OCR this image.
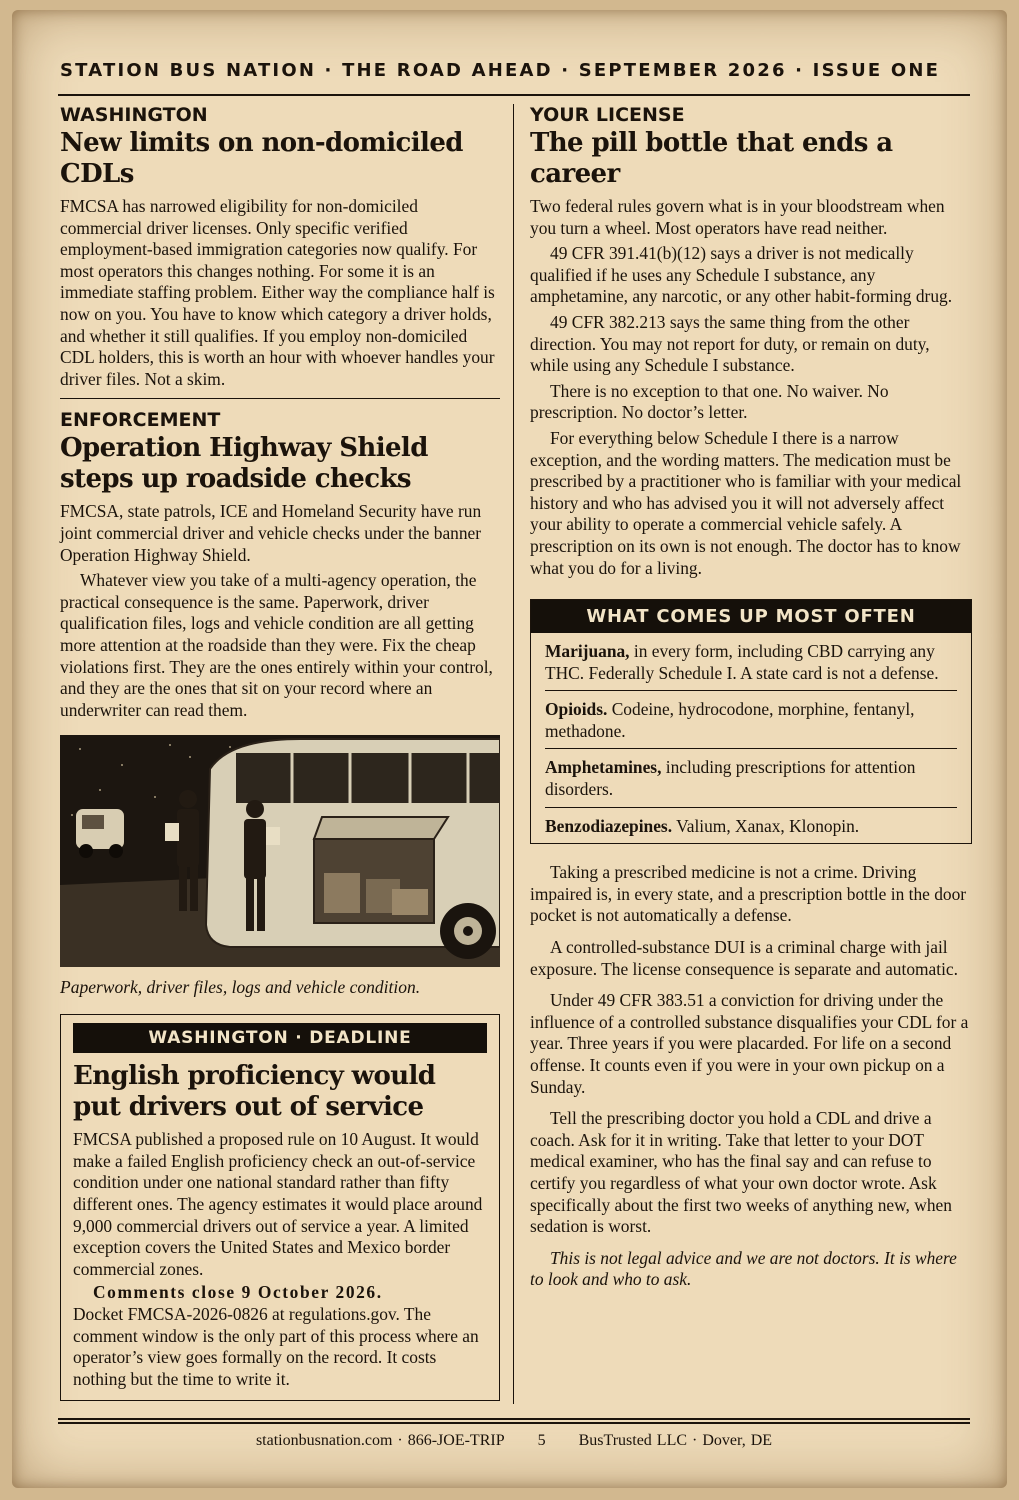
STATION BUS NATION · THE ROAD AHEAD · SEPTEMBER 2026 · ISSUE ONE
WASHINGTON
New limits on non-domiciled CDLs

FMCSA has narrowed eligibility for non-domiciled commercial driver licenses. Only specific verified employment-based immigration categories now qualify. For most operators this changes nothing. For some it is an immediate staffing problem. Either way the compliance half is now on you. You have to know which category a driver holds, and whether it still qualifies. If you employ non-domiciled CDL holders, this is worth an hour with whoever handles your driver files. Not a skim.

ENFORCEMENT
Operation Highway Shield steps up roadside checks

FMCSA, state patrols, ICE and Homeland Security have run joint commercial driver and vehicle checks under the banner Operation Highway Shield.

Whatever view you take of a multi-agency operation, the practical consequence is the same. Paperwork, driver qualification files, logs and vehicle condition are all getting more attention at the roadside than they were. Fix the cheap violations first. They are the ones entirely within your control, and they are the ones that sit on your record where an underwriter can read them.

Paperwork, driver files, logs and vehicle condition.
WASHINGTON · DEADLINE
English proficiency would put drivers out of service

FMCSA published a proposed rule on 10 August. It would make a failed English proficiency check an out-of-service condition under one national standard rather than fifty different ones. The agency estimates it would place around 9,000 commercial drivers out of service a year. A limited exception covers the United States and Mexico border commercial zones.

Comments close 9 October 2026.

Docket FMCSA-2026-0826 at regulations.gov. The comment window is the only part of this process where an operator’s view goes formally on the record. It costs nothing but the time to write it.

YOUR LICENSE
The pill bottle that ends a career

Two federal rules govern what is in your bloodstream when you turn a wheel. Most operators have read neither.

49 CFR 391.41(b)(12) says a driver is not medically qualified if he uses any Schedule I substance, any amphetamine, any narcotic, or any other habit-forming drug.

49 CFR 382.213 says the same thing from the other direction. You may not report for duty, or remain on duty, while using any Schedule I substance.

There is no exception to that one. No waiver. No prescription. No doctor’s letter.

For everything below Schedule I there is a narrow exception, and the wording matters. The medication must be prescribed by a practitioner who is familiar with your medical history and who has advised you it will not adversely affect your ability to operate a commercial vehicle safely. A prescription on its own is not enough. The doctor has to know what you do for a living.

WHAT COMES UP MOST OFTEN
Marijuana, in every form, including CBD carrying any THC. Federally Schedule I. A state card is not a defense.
Opioids. Codeine, hydrocodone, morphine, fentanyl, methadone.
Amphetamines, including prescriptions for attention disorders.
Benzodiazepines. Valium, Xanax, Klonopin.

Taking a prescribed medicine is not a crime. Driving impaired is, in every state, and a prescription bottle in the door pocket is not automatically a defense.

A controlled-substance DUI is a criminal charge with jail exposure. The license consequence is separate and automatic.

Under 49 CFR 383.51 a conviction for driving under the influence of a controlled substance disqualifies your CDL for a year. Three years if you were placarded. For life on a second offense. It counts even if you were in your own pickup on a Sunday.

Tell the prescribing doctor you hold a CDL and drive a coach. Ask for it in writing. Take that letter to your DOT medical examiner, who has the final say and can refuse to certify you regardless of what your own doctor wrote. Ask specifically about the first two weeks of anything new, when sedation is worst.

This is not legal advice and we are not doctors. It is where to look and who to ask.

stationbusnation.com · 866-JOE-TRIP 5 BusTrusted LLC · Dover, DE
